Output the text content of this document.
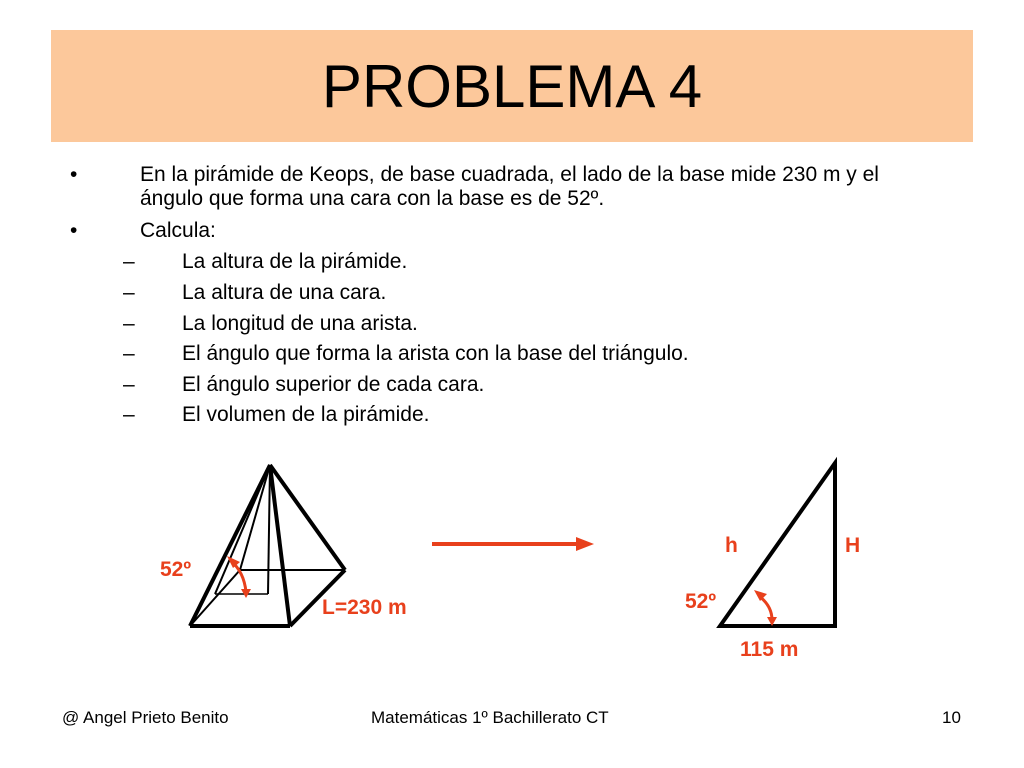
PROBLEMA 4
•	En la pirámide de Keops, de base cuadrada, el lado de la base mide 230 m y el ángulo que forma una cara con la base es de 52º.
•	Calcula:
– La altura de la pirámide.
– La altura de una cara.
– La longitud de una arista.
– El ángulo que forma la arista con la base del triángulo.
– El ángulo superior de cada cara.
– El volumen de la pirámide.
52º
L=230 m
h	H
52º
115 m
@ Angel Prieto Benito	Matemáticas 1º Bachillerato CT	10
